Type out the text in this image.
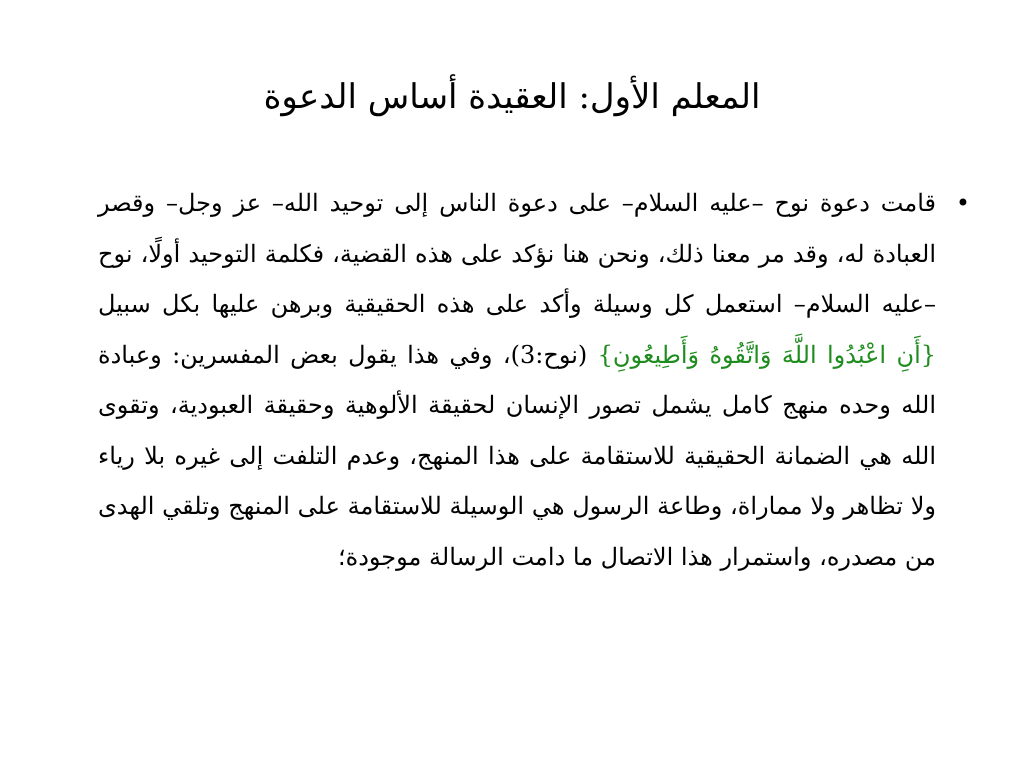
المعلم الأول: العقيدة أساس الدعوة
•
قامت دعوة نوح –عليه السلام– على دعوة الناس إلى توحيد الله– عز وجل– وقصر العبادة له، وقد مر معنا ذلك، ونحن هنا نؤكد على هذه القضية، فكلمة التوحيد أولًا، نوح –عليه السلام– استعمل كل وسيلة وأكد على هذه الحقيقية وبرهن عليها بكل سبيل {أَنِ اعْبُدُوا اللَّهَ وَاتَّقُوهُ وَأَطِيعُونِ} (نوح:3)، وفي هذا يقول بعض المفسرين: وعبادة الله وحده منهج كامل يشمل تصور الإنسان لحقيقة الألوهية وحقيقة العبودية، وتقوى الله هي الضمانة الحقيقية للاستقامة على هذا المنهج، وعدم التلفت إلى غيره بلا رياء ولا تظاهر ولا مماراة، وطاعة الرسول هي الوسيلة للاستقامة على المنهج وتلقي الهدى من مصدره، واستمرار هذا الاتصال ما دامت الرسالة موجودة؛
